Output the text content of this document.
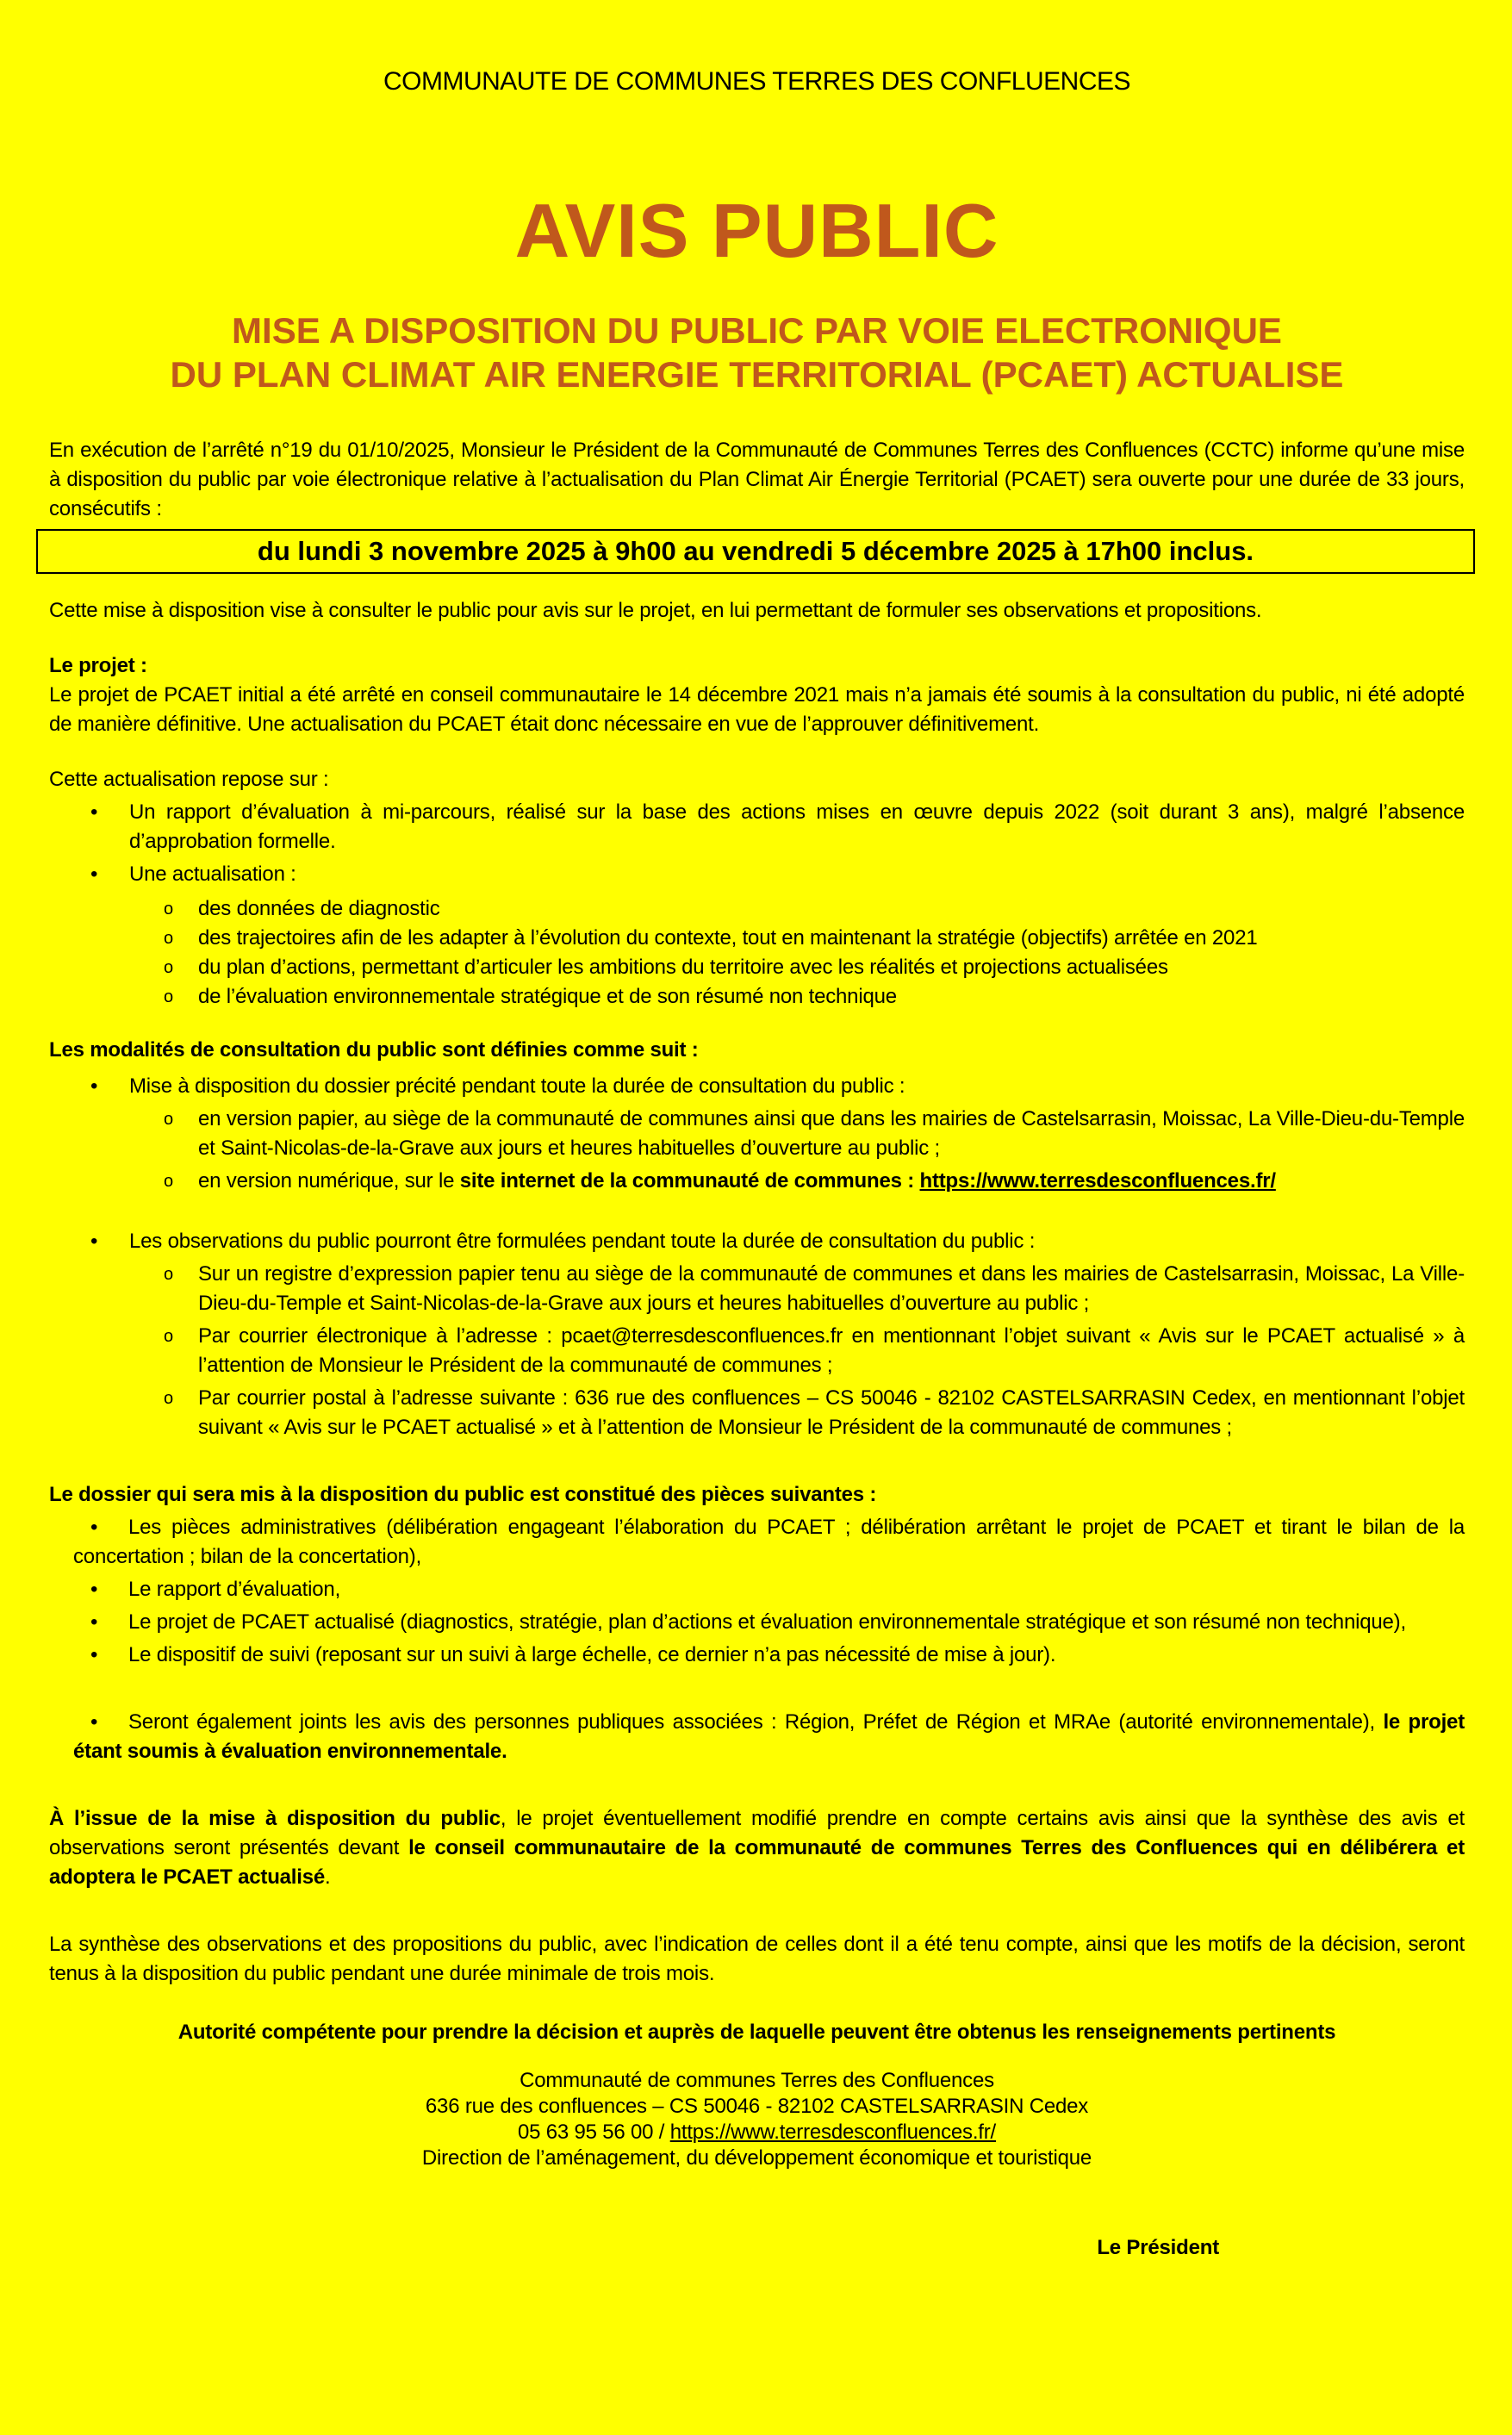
COMMUNAUTE DE COMMUNES TERRES DES CONFLUENCES
AVIS PUBLIC
MISE A DISPOSITION DU PUBLIC PAR VOIE ELECTRONIQUE
DU PLAN CLIMAT AIR ENERGIE TERRITORIAL (PCAET) ACTUALISE

En exécution de l’arrêté n°19 du 01/10/2025, Monsieur le Président de la Communauté de Communes Terres des Confluences (CCTC) informe qu’une mise à disposition du public par voie électronique relative à l’actualisation du Plan Climat Air Énergie Territorial (PCAET) sera ouverte pour une durée de 33 jours, consécutifs :

du lundi 3 novembre 2025 à 9h00 au vendredi 5 décembre 2025 à 17h00 inclus.

Cette mise à disposition vise à consulter le public pour avis sur le projet, en lui permettant de formuler ses observations et propositions.

Le projet :

Le projet de PCAET initial a été arrêté en conseil communautaire le 14 décembre 2021 mais n’a jamais été soumis à la consultation du public, ni été adopté de manière définitive. Une actualisation du PCAET était donc nécessaire en vue de l’approuver définitivement.

Cette actualisation repose sur :

•	Un rapport d’évaluation à mi-parcours, réalisé sur la base des actions mises en œuvre depuis 2022 (soit durant 3 ans), malgré l’absence d’approbation formelle.
•	Une actualisation :
o	des données de diagnostic
o	des trajectoires afin de les adapter à l’évolution du contexte, tout en maintenant la stratégie (objectifs) arrêtée en 2021
o	du plan d’actions, permettant d’articuler les ambitions du territoire avec les réalités et projections actualisées
o	de l’évaluation environnementale stratégique et de son résumé non technique
Les modalités de consultation du public sont définies comme suit :
•	Mise à disposition du dossier précité pendant toute la durée de consultation du public :
o	en version papier, au siège de la communauté de communes ainsi que dans les mairies de Castelsarrasin, Moissac, La Ville-Dieu-du-Temple et Saint-Nicolas-de-la-Grave aux jours et heures habituelles d’ouverture au public ;
o	en version numérique, sur le site internet de la communauté de communes : https://www.terresdesconfluences.fr/
•	Les observations du public pourront être formulées pendant toute la durée de consultation du public :
o	Sur un registre d’expression papier tenu au siège de la communauté de communes et dans les mairies de Castelsarrasin, Moissac, La Ville-Dieu-du-Temple et Saint-Nicolas-de-la-Grave aux jours et heures habituelles d’ouverture au public ;
o	Par courrier électronique à l’adresse : pcaet@terresdesconfluences.fr en mentionnant l’objet suivant « Avis sur le PCAET actualisé » à l’attention de Monsieur le Président de la communauté de communes ;
o	Par courrier postal à l’adresse suivante : 636 rue des confluences – CS 50046 - 82102 CASTELSARRASIN Cedex, en mentionnant l’objet suivant « Avis sur le PCAET actualisé » et à l’attention de Monsieur le Président de la communauté de communes ;
Le dossier qui sera mis à la disposition du public est constitué des pièces suivantes :
• Les pièces administratives (délibération engageant l’élaboration du PCAET ; délibération arrêtant le projet de PCAET et tirant le bilan de la concertation ; bilan de la concertation),
• Le rapport d’évaluation,
• Le projet de PCAET actualisé (diagnostics, stratégie, plan d’actions et évaluation environnementale stratégique et son résumé non technique),
• Le dispositif de suivi (reposant sur un suivi à large échelle, ce dernier n’a pas nécessité de mise à jour).
• Seront également joints les avis des personnes publiques associées : Région, Préfet de Région et MRAe (autorité environnementale), le projet étant soumis à évaluation environnementale.

À l’issue de la mise à disposition du public, le projet éventuellement modifié prendre en compte certains avis ainsi que la synthèse des avis et observations seront présentés devant le conseil communautaire de la communauté de communes Terres des Confluences qui en délibérera et adoptera le PCAET actualisé.

La synthèse des observations et des propositions du public, avec l’indication de celles dont il a été tenu compte, ainsi que les motifs de la décision, seront tenus à la disposition du public pendant une durée minimale de trois mois.

Autorité compétente pour prendre la décision et auprès de laquelle peuvent être obtenus les renseignements pertinents
Communauté de communes Terres des Confluences
636 rue des confluences – CS 50046 - 82102 CASTELSARRASIN Cedex
05 63 95 56 00 / https://www.terresdesconfluences.fr/
Direction de l’aménagement, du développement économique et touristique
Le Président
